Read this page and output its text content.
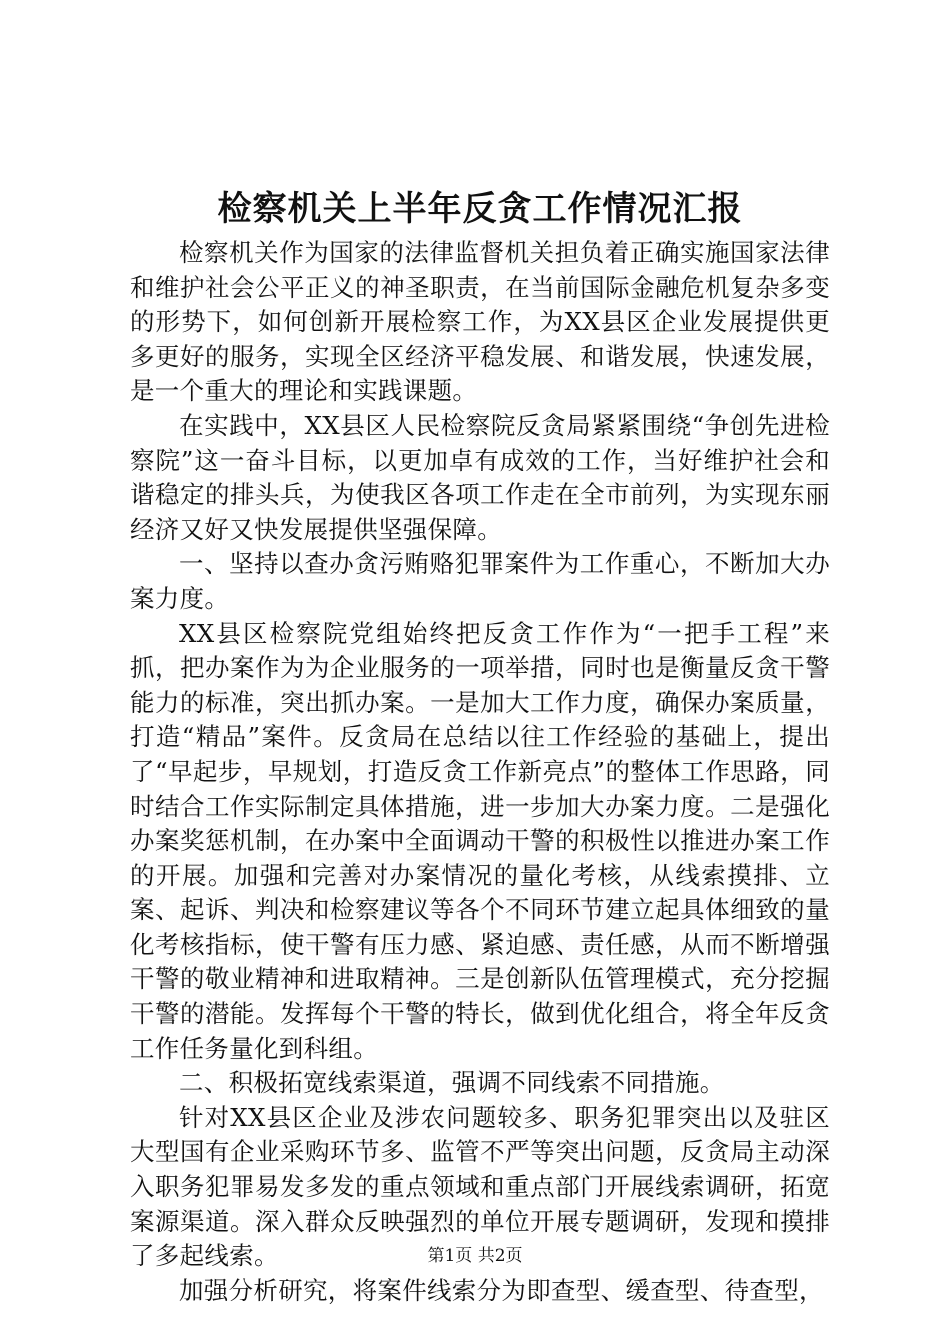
检察机关上半年反贪工作情况汇报

检察机关作为国家的法律监督机关担负着正确实施国家法律和维护社会公平正义的神圣职责，在当前国际金融危机复杂多变的形势下，如何创新开展检察工作，为XX县区企业发展提供更多更好的服务，实现全区经济平稳发展、和谐发展，快速发展，是一个重大的理论和实践课题。

在实践中，XX县区人民检察院反贪局紧紧围绕“争创先进检察院”这一奋斗目标，以更加卓有成效的工作，当好维护社会和谐稳定的排头兵，为使我区各项工作走在全市前列，为实现东丽经济又好又快发展提供坚强保障。

一、坚持以查办贪污贿赂犯罪案件为工作重心，不断加大办案力度。

XX县区检察院党组始终把反贪工作作为“一把手工程”来抓，把办案作为为企业服务的一项举措，同时也是衡量反贪干警能力的标准，突出抓办案。一是加大工作力度，确保办案质量，打造“精品”案件。反贪局在总结以往工作经验的基础上，提出了“早起步，早规划，打造反贪工作新亮点”的整体工作思路，同时结合工作实际制定具体措施，进一步加大办案力度。二是强化办案奖惩机制，在办案中全面调动干警的积极性以推进办案工作的开展。加强和完善对办案情况的量化考核，从线索摸排、立案、起诉、判决和检察建议等各个不同环节建立起具体细致的量化考核指标，使干警有压力感、紧迫感、责任感，从而不断增强干警的敬业精神和进取精神。三是创新队伍管理模式，充分挖掘干警的潜能。发挥每个干警的特长，做到优化组合，将全年反贪工作任务量化到科组。

二、积极拓宽线索渠道，强调不同线索不同措施。

针对XX县区企业及涉农问题较多、职务犯罪突出以及驻区大型国有企业采购环节多、监管不严等突出问题，反贪局主动深入职务犯罪易发多发的重点领域和重点部门开展线索调研，拓宽案源渠道。深入群众反映强烈的单位开展专题调研，发现和摸排了多起线索。

加强分析研究，将案件线索分为即查型、缓查型、待查型，

第1页 共2页
